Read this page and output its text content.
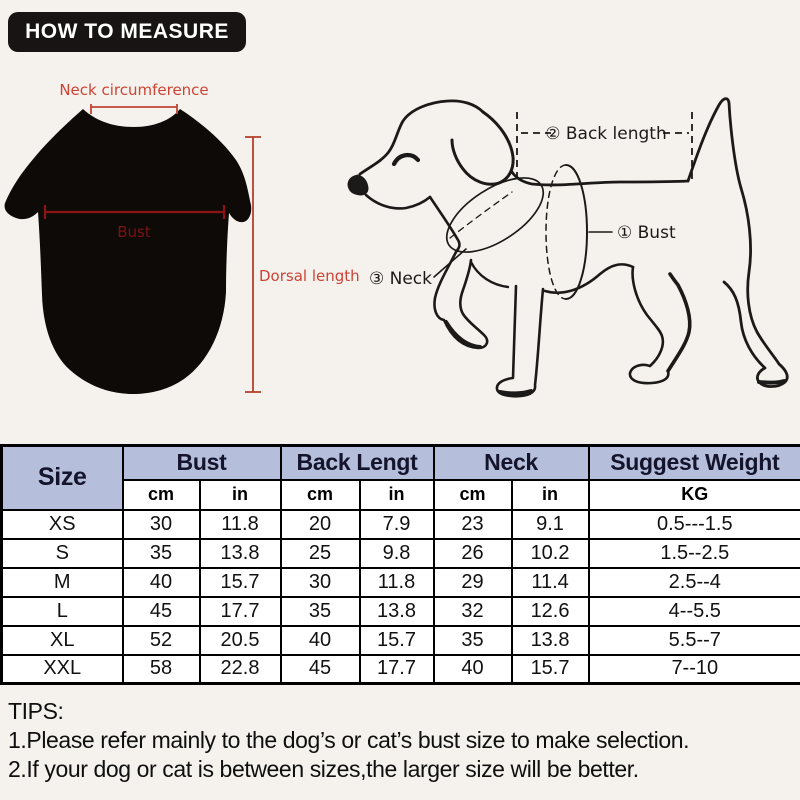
HOW TO MEASURE
Neck circumference
Bust
Dorsal length
② Back length
① Bust
③ Neck
Size	Bust		Back Lengt		Neck		Suggest Weight
	cm	in	cm	in	cm	in	KG
XS	30	11.8	20	7.9	23	9.1	0.5---1.5
S	35	13.8	25	9.8	26	10.2	1.5--2.5
M	40	15.7	30	11.8	29	11.4	2.5--4
L	45	17.7	35	13.8	32	12.6	4--5.5
XL	52	20.5	40	15.7	35	13.8	5.5--7
XXL	58	22.8	45	17.7	40	15.7	7--10
TIPS:
1.Please refer mainly to the dog’s or cat’s bust size to make selection.
2.If your dog or cat is between sizes,the larger size will be better.
